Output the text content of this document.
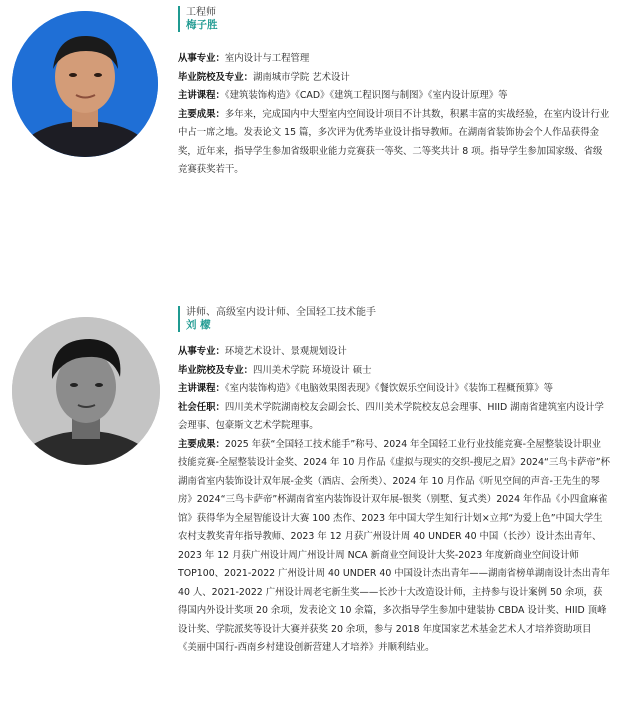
工程师
梅子胜

从事专业：室内设计与工程管理

毕业院校及专业：湖南城市学院 艺术设计

主讲课程：《建筑装饰构造》《CAD》《建筑工程识图与制图》《室内设计原理》等

主要成果：多年来，完成国内中大型室内空间设计项目不计其数，积累丰富的实战经验，在室内设计行业中占一席之地。发表论文 15 篇，多次评为优秀毕业设计指导教师。在湖南省装饰协会个人作品获得金奖，近年来，指导学生参加省级职业能力竞赛获一等奖、二等奖共计 8 项。指导学生参加国家级、省级竞赛获奖若干。

讲师、高级室内设计师、全国轻工技术能手
刘 檬

从事专业：环境艺术设计、景观规划设计

毕业院校及专业：四川美术学院 环境设计 硕士

主讲课程：《室内装饰构造》《电脑效果图表现》《餐饮娱乐空间设计》《装饰工程概预算》等

社会任职：四川美术学院湖南校友会副会长、四川美术学院校友总会理事、HIID 湖南省建筑室内设计学会理事、包豪斯文艺术学院理事。

主要成果：2025 年获“全国轻工技术能手”称号、2024 年全国轻工业行业技能竞赛-全屋整装设计职业技能竞赛-全屋整装设计金奖、2024 年 10 月作品《虚拟与现实的交织-搜尼之眉》2024“三鸟卡萨帝”杯湖南省室内装饰设计双年展-金奖（酒店、会所类）、2024 年 10 月作品《听见空间的声音-王先生的琴房》2024“三鸟卡萨帝”杯湖南省室内装饰设计双年展-银奖（别墅、复式类）2024 年作品《小四盒麻雀馆》获得华为全屋智能设计大赛 100 杰作、2023 年中国大学生知行计划×立邦“为爱上色”中国大学生农村支教奖青年指导教师、2023 年 12 月获广州设计周 40 UNDER 40 中国（长沙）设计杰出青年、2023 年 12 月获广州设计周广州设计周 NCA 新商业空间设计大奖-2023 年度新商业空间设计师 TOP100、2021-2022 广州设计周 40 UNDER 40 中国设计杰出青年——湖南省榜单湖南设计杰出青年 40 人、2021-2022 广州设计周老宅新生奖——长沙十大改造设计师，主持参与设计案例 50 余项，获得国内外设计奖项 20 余项，发表论文 10 余篇，多次指导学生参加中建装协 CBDA 设计奖、HIID 顶峰设计奖、学院派奖等设计大赛并获奖 20 余项，参与 2018 年度国家艺术基金艺术人才培养资助项目《美丽中国行-西南乡村建设创新营建人才培养》并顺利结业。
